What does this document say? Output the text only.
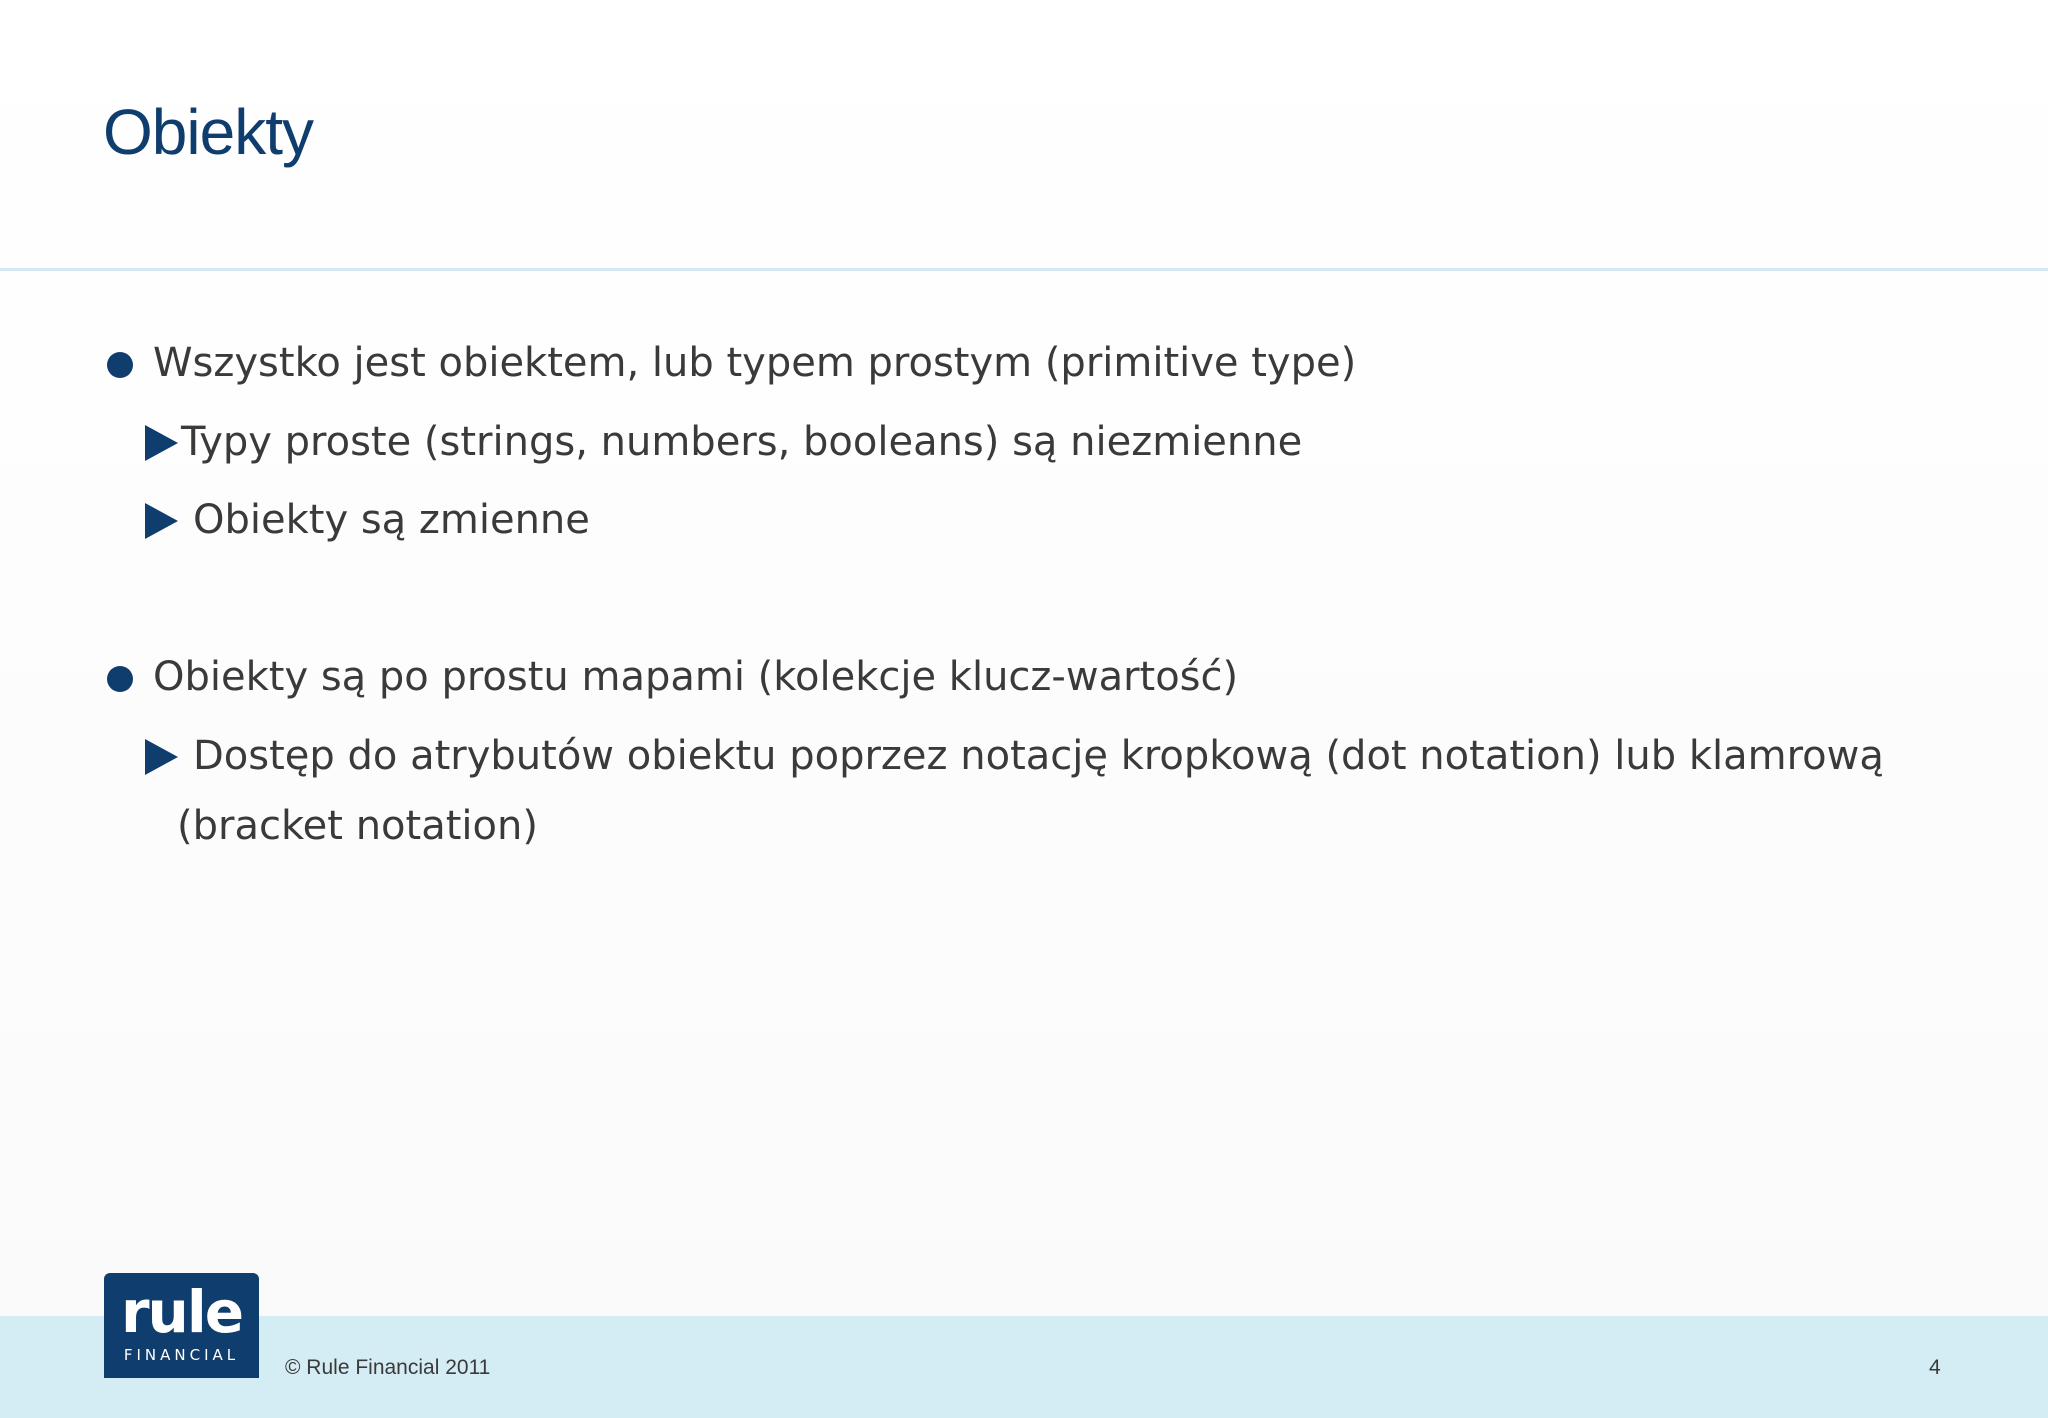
Obiekty
Wszystko jest obiektem, lub typem prostym (primitive type)
Typy proste (strings, numbers, booleans) są niezmienne
Obiekty są zmienne
Obiekty są po prostu mapami (kolekcje klucz-wartość)
Dostęp do atrybutów obiektu poprzez notację kropkową (dot notation) lub klamrową
(bracket notation)
rule
FINANCIAL
© Rule Financial 2011	4
